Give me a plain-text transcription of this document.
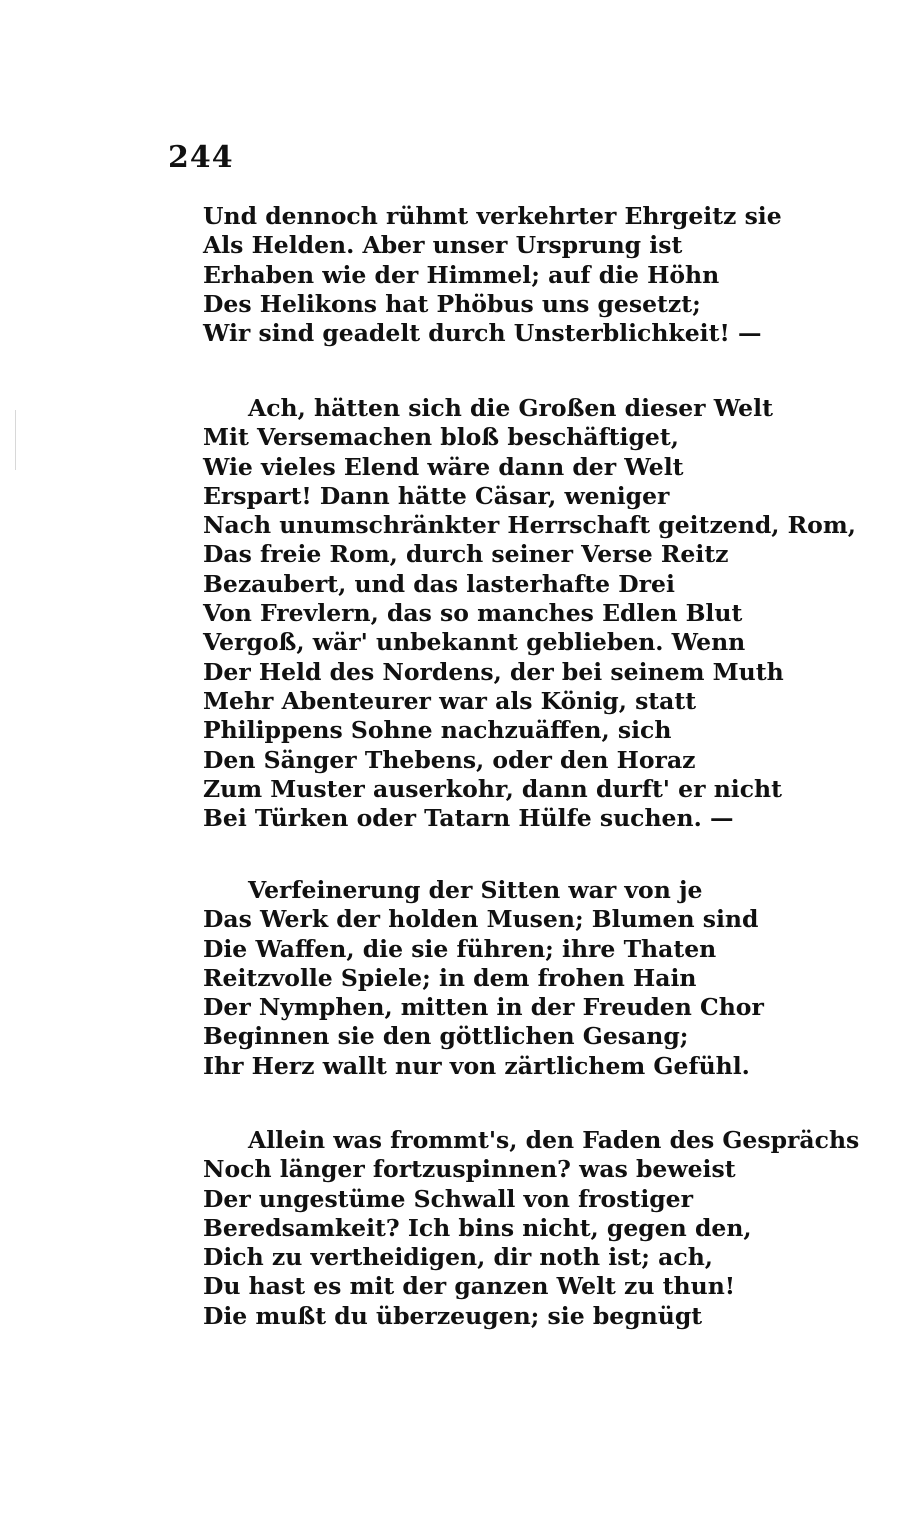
244
Und dennoch rühmt verkehrter Ehrgeitz sie
Als Helden. Aber unser Ursprung ist
Erhaben wie der Himmel; auf die Höhn
Des Helikons hat Phöbus uns gesetzt;
Wir sind geadelt durch Unsterblichkeit! —
Ach, hätten sich die Großen dieser Welt
Mit Versemachen bloß beschäftiget,
Wie vieles Elend wäre dann der Welt
Erspart! Dann hätte Cäsar, weniger
Nach unumschränkter Herrschaft geitzend, Rom,
Das freie Rom, durch seiner Verse Reitz
Bezaubert, und das lasterhafte Drei
Von Frevlern, das so manches Edlen Blut
Vergoß, wär' unbekannt geblieben. Wenn
Der Held des Nordens, der bei seinem Muth
Mehr Abenteurer war als König, statt
Philippens Sohne nachzuäffen, sich
Den Sänger Thebens, oder den Horaz
Zum Muster auserkohr, dann durft' er nicht
Bei Türken oder Tatarn Hülfe suchen. —
Verfeinerung der Sitten war von je
Das Werk der holden Musen; Blumen sind
Die Waffen, die sie führen; ihre Thaten
Reitzvolle Spiele; in dem frohen Hain
Der Nymphen, mitten in der Freuden Chor
Beginnen sie den göttlichen Gesang;
Ihr Herz wallt nur von zärtlichem Gefühl.
Allein was frommt's, den Faden des Gesprächs
Noch länger fortzuspinnen? was beweist
Der ungestüme Schwall von frostiger
Beredsamkeit? Ich bins nicht, gegen den,
Dich zu vertheidigen, dir noth ist; ach,
Du hast es mit der ganzen Welt zu thun!
Die mußt du überzeugen; sie begnügt
